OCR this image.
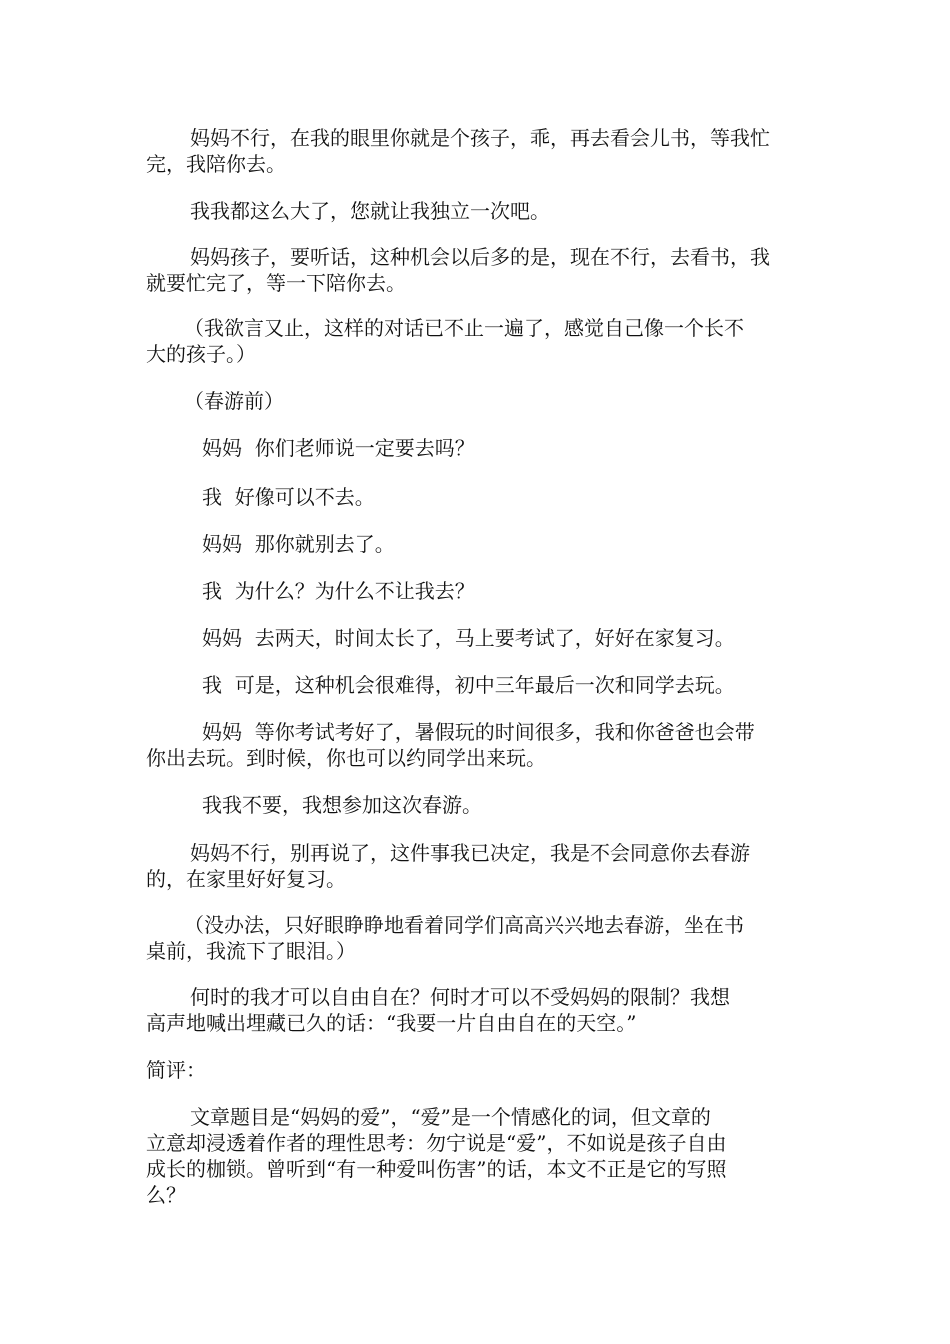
妈妈不行，在我的眼里你就是个孩子，乖，再去看会儿书，等我忙
完，我陪你去。
我我都这么大了，您就让我独立一次吧。
妈妈孩子，要听话，这种机会以后多的是，现在不行，去看书，我
就要忙完了，等一下陪你去。
（我欲言又止，这样的对话已不止一遍了，感觉自己像一个长不
大的孩子。）
（春游前）
妈妈  你们老师说一定要去吗？
我  好像可以不去。
妈妈  那你就别去了。
我  为什么？为什么不让我去？
妈妈  去两天，时间太长了，马上要考试了，好好在家复习。
我  可是，这种机会很难得，初中三年最后一次和同学去玩。
妈妈  等你考试考好了，暑假玩的时间很多，我和你爸爸也会带
你出去玩。到时候，你也可以约同学出来玩。
我我不要，我想参加这次春游。
妈妈不行，别再说了，这件事我已决定，我是不会同意你去春游
的，在家里好好复习。
（没办法，只好眼睁睁地看着同学们高高兴兴地去春游，坐在书
桌前，我流下了眼泪。）
何时的我才可以自由自在？何时才可以不受妈妈的限制？我想
高声地喊出埋藏已久的话：“我要一片自由自在的天空。”
简评：
文章题目是“妈妈的爱”，“爱”是一个情感化的词，但文章的
立意却浸透着作者的理性思考：勿宁说是“爱”，不如说是孩子自由
成长的枷锁。曾听到“有一种爱叫伤害”的话，本文不正是它的写照
么？
